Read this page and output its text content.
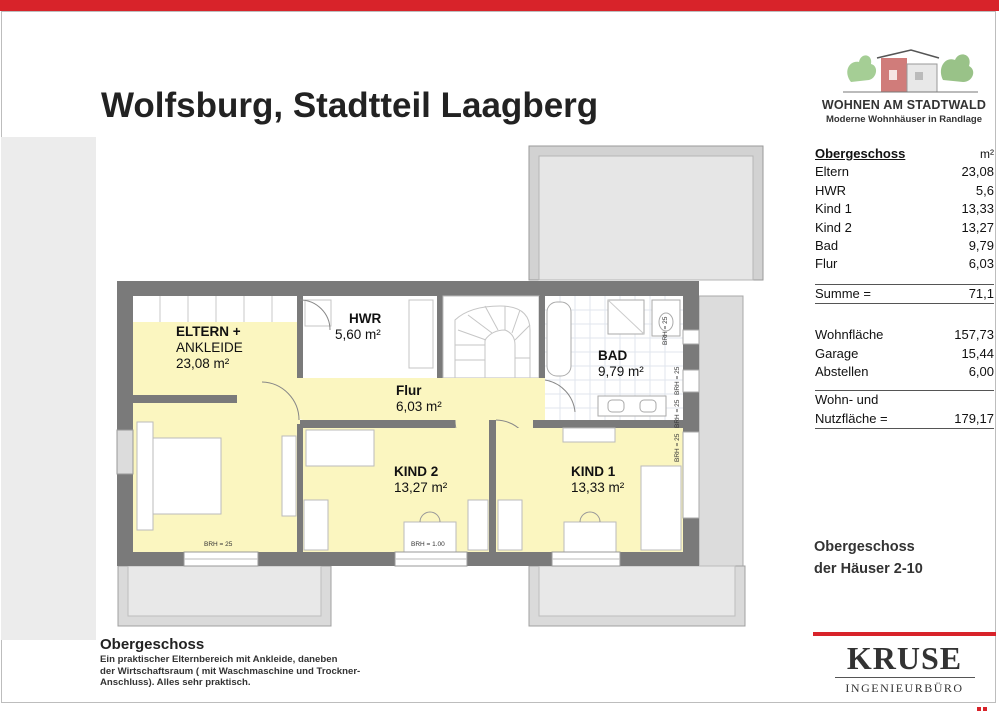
Wolfsburg, Stadtteil Laagberg	WOHNEN AM STADTWALD
Moderne Wohnhäuser in Randlage
ELTERN +
ANKLEIDE
23,08 m²
HWR
5,60 m²
BAD
9,79 m²
Flur
6,03 m²
KIND 2
13,27 m²
KIND 1
13,33 m²
BRH = 25	BRH = 1.00
BRH = 25
BRH = 25
BRH = 25
BRH = 25
Obergeschoss	m²
Eltern	23,08
HWR	5,6
Kind 1	13,33
Kind 2	13,27
Bad	9,79
Flur	6,03
Summe =	71,1
Wohnfläche	157,73
Garage	15,44
Abstellen	6,00
Wohn- und
Nutzfläche =	179,17
Obergeschoss
der Häuser 2-10
Obergeschoss
Ein praktischer Elternbereich mit Ankleide, daneben
der Wirtschaftsraum ( mit Waschmaschine und Trockner-
Anschluss). Alles sehr praktisch.
KRUSE
INGENIEURBÜRO
